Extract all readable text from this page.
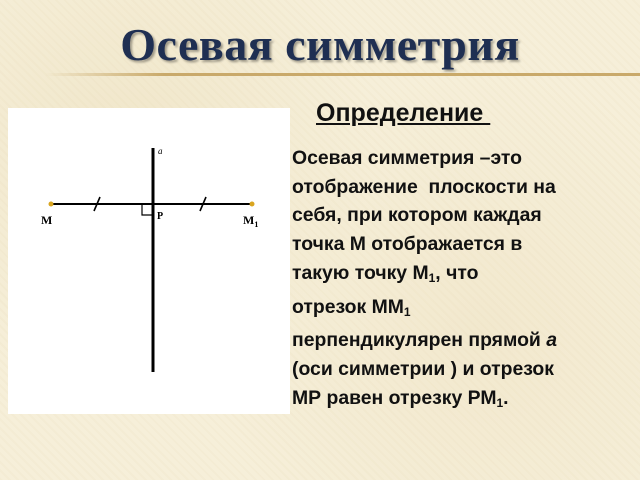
Осевая симметрия
a
M	P	$M_1$
Определение
Осевая симметрия –это
отображение  плоскости на
себя, при котором каждая
точка М отображается в
такую точку $М_1$, что
отрезок $ММ_1$
перпендикулярен прямой а
(оси симметрии ) и отрезок
МР равен отрезку $РМ_1$.
